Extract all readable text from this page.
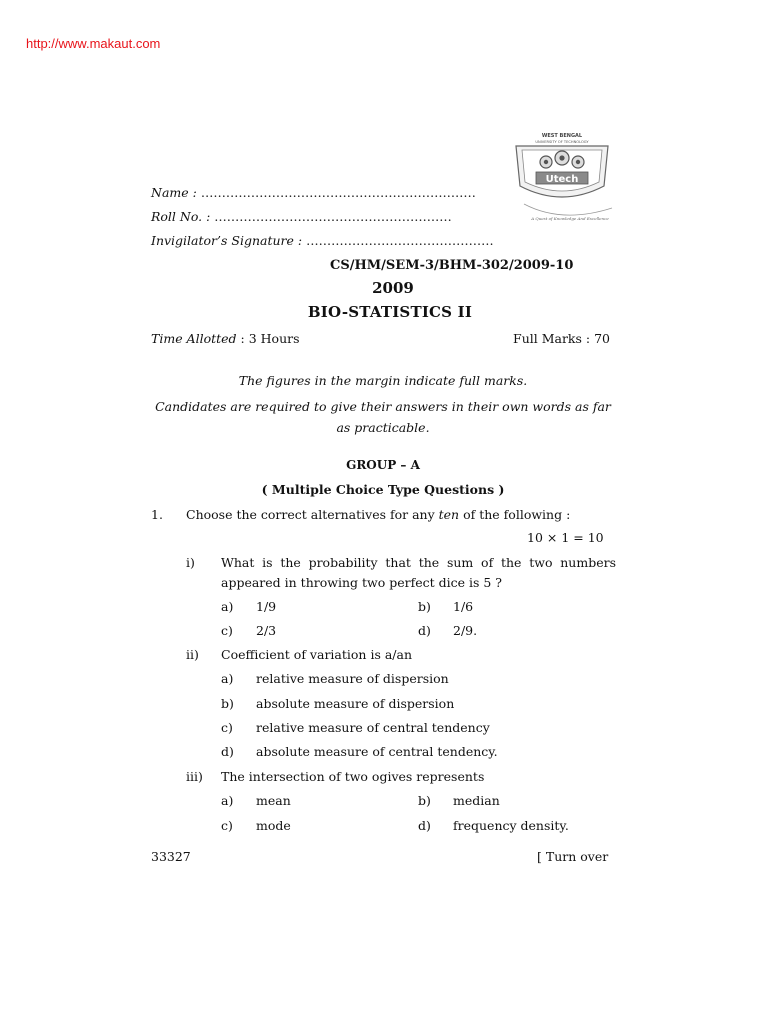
http://www.makaut.com
WEST BENGAL
UNIVERSITY OF TECHNOLOGY
Utech
A Quest of Knowledge And Excellence
Name : …………………………………………………………
Roll No. : …………………………………………………
Invigilator’s Signature : ………………………………………
CS/HM/SEM-3/BHM-302/2009-10
2009
BIO-STATISTICS II
Time Allotted : 3 Hours	Full Marks : 70
The figures in the margin indicate full marks.
Candidates are required to give their answers in their own words as far as practicable.
GROUP – A
( Multiple Choice Type Questions )
1. Choose the correct alternatives for any ten of the following :
10 × 1 = 10
i) What is the probability that the sum of the two numbers appeared in throwing two perfect dice is 5 ?
a) 1/9	b) 1/6
c) 2/3	d) 2/9.
ii) Coefficient of variation is a/an
a) relative measure of dispersion
b) absolute measure of dispersion
c) relative measure of central tendency
d) absolute measure of central tendency.
iii) The intersection of two ogives represents
a) mean	b) median
c) mode	d) frequency density.
33327	[ Turn over
